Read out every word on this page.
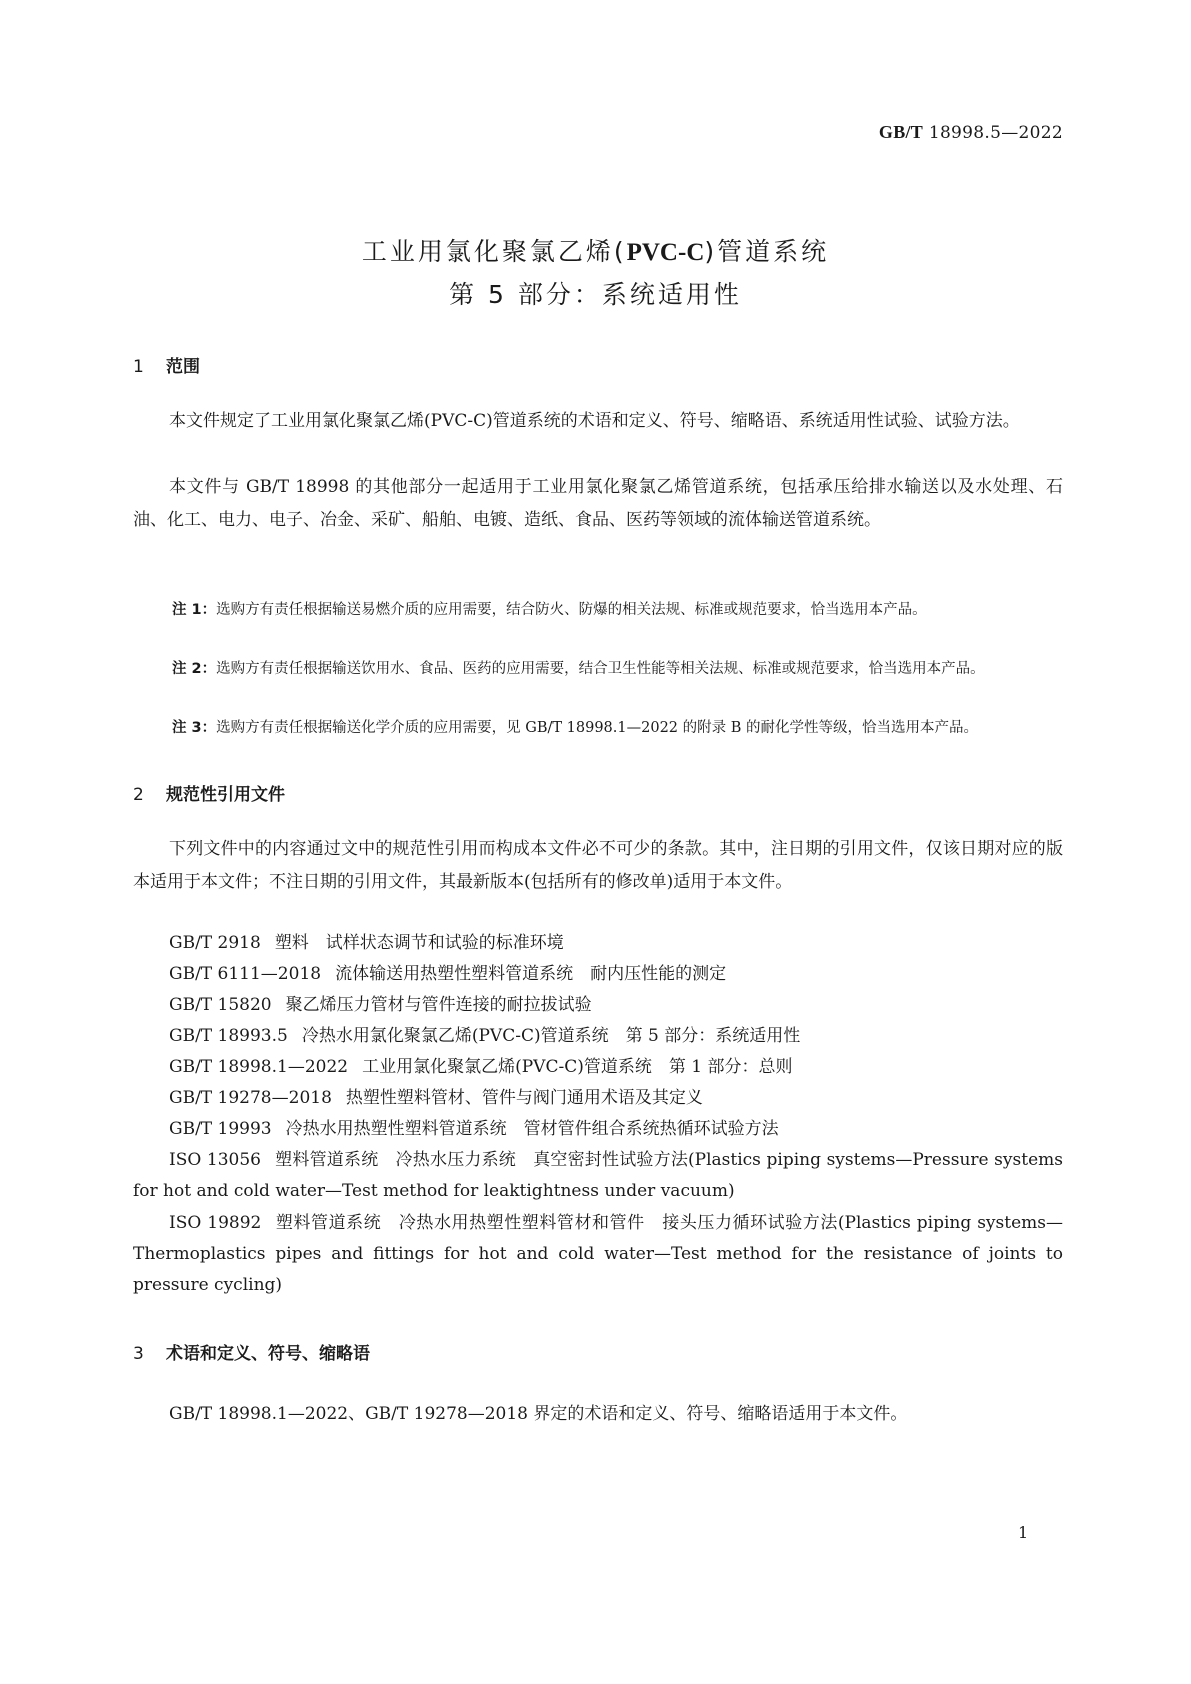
GB/T 18998.5—2022
工业用氯化聚氯乙烯(PVC-C)管道系统
第 5 部分：系统适用性
1 范围
本文件规定了工业用氯化聚氯乙烯(PVC-C)管道系统的术语和定义、符号、缩略语、系统适用性试验、试验方法。
本文件与 GB/T 18998 的其他部分一起适用于工业用氯化聚氯乙烯管道系统，包括承压给排水输送以及水处理、石油、化工、电力、电子、冶金、采矿、船舶、电镀、造纸、食品、医药等领域的流体输送管道系统。
注 1：选购方有责任根据输送易燃介质的应用需要，结合防火、防爆的相关法规、标准或规范要求，恰当选用本产品。
注 2：选购方有责任根据输送饮用水、食品、医药的应用需要，结合卫生性能等相关法规、标准或规范要求，恰当选用本产品。
注 3：选购方有责任根据输送化学介质的应用需要，见 GB/T 18998.1—2022 的附录 B 的耐化学性等级，恰当选用本产品。
2 规范性引用文件
下列文件中的内容通过文中的规范性引用而构成本文件必不可少的条款。其中，注日期的引用文件，仅该日期对应的版本适用于本文件；不注日期的引用文件，其最新版本(包括所有的修改单)适用于本文件。
GB/T 2918 塑料　试样状态调节和试验的标准环境
GB/T 6111—2018 流体输送用热塑性塑料管道系统　耐内压性能的测定
GB/T 15820 聚乙烯压力管材与管件连接的耐拉拔试验
GB/T 18993.5 冷热水用氯化聚氯乙烯(PVC-C)管道系统　第 5 部分：系统适用性
GB/T 18998.1—2022 工业用氯化聚氯乙烯(PVC-C)管道系统　第 1 部分：总则
GB/T 19278—2018 热塑性塑料管材、管件与阀门通用术语及其定义
GB/T 19993 冷热水用热塑性塑料管道系统　管材管件组合系统热循环试验方法
ISO 13056 塑料管道系统　冷热水压力系统　真空密封性试验方法(Plastics piping systems—Pressure systems for hot and cold water—Test method for leaktightness under vacuum)
ISO 19892 塑料管道系统　冷热水用热塑性塑料管材和管件　接头压力循环试验方法(Plastics piping systems—Thermoplastics pipes and fittings for hot and cold water—Test method for the resistance of joints to pressure cycling)
3 术语和定义、符号、缩略语
GB/T 18998.1—2022、GB/T 19278—2018 界定的术语和定义、符号、缩略语适用于本文件。
1
